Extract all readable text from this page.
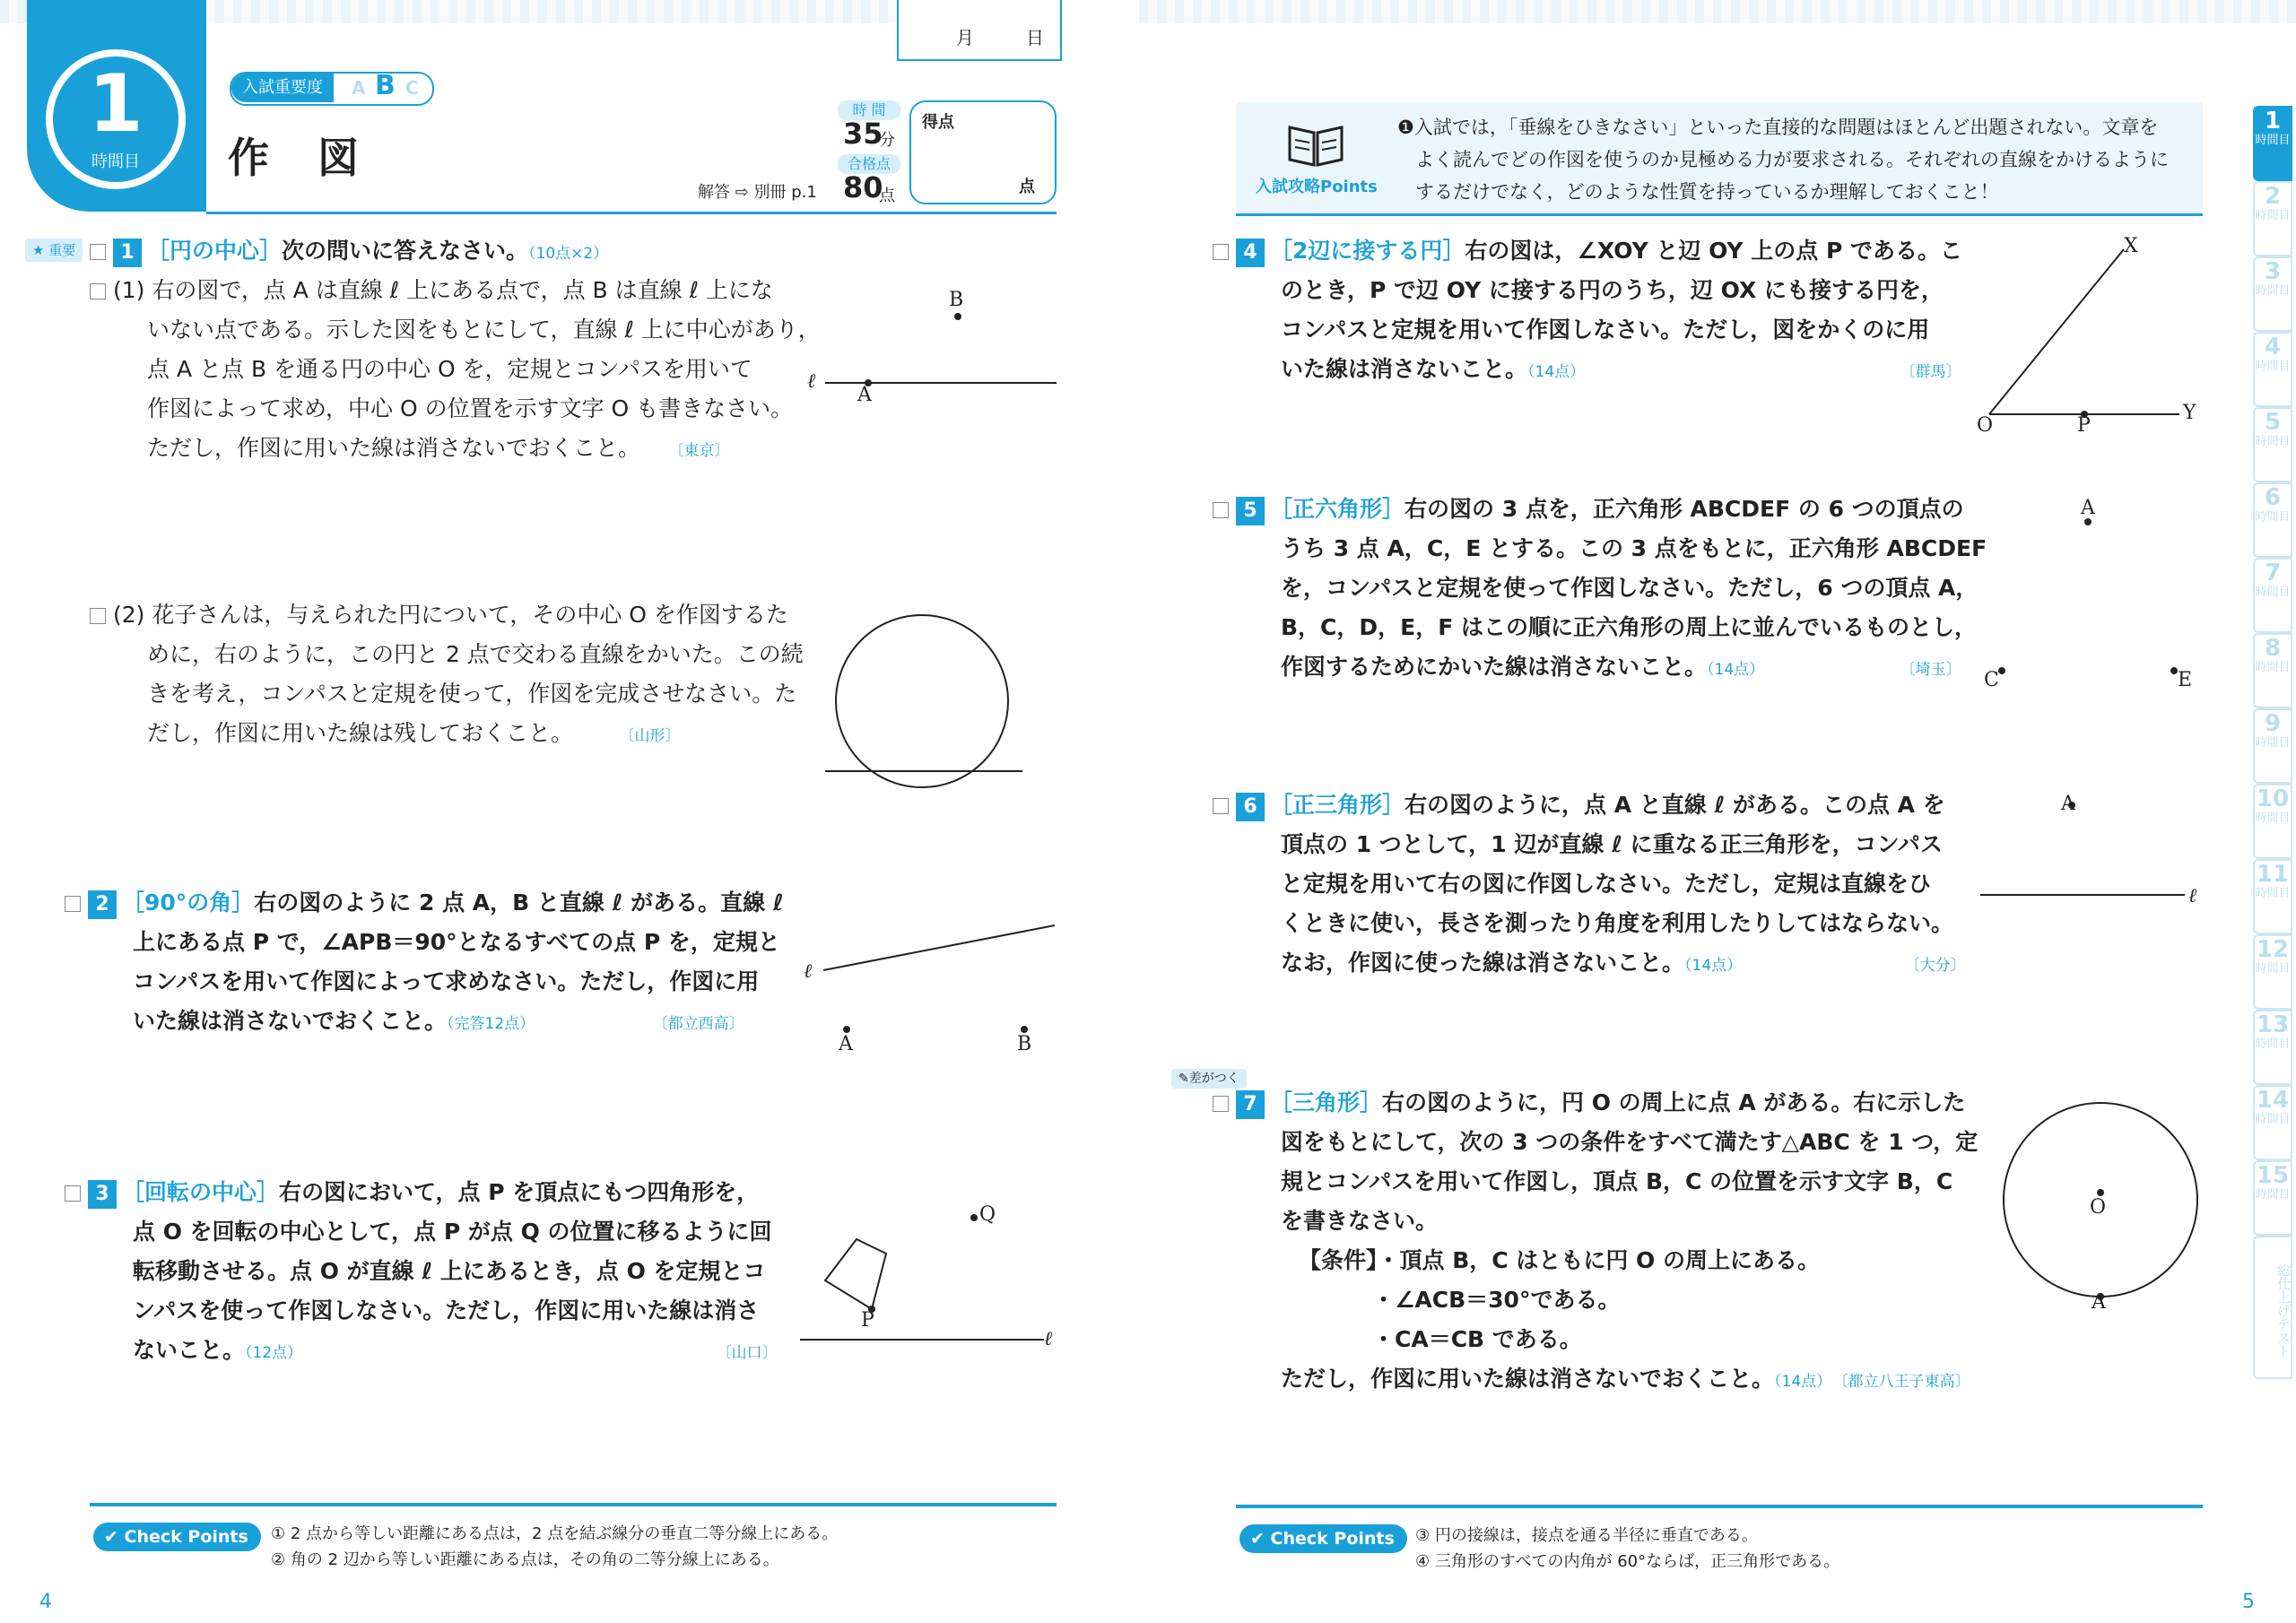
1
時間目
入試重要度	A B C
作　図
解答 ⇨ 別冊 p.1
時 間
35
分
合格点
80
点
得点
点
月	日
★ 重要	1 ［円の中心］次の問いに答えなさい。（10点×2）
(1) 右の図で，点 A は直線 ℓ 上にある点で，点 B は直線 ℓ 上にな
いない点である。示した図をもとにして，直線 ℓ 上に中心があり，
点 A と点 B を通る円の中心 O を，定規とコンパスを用いて
作図によって求め，中心 O の位置を示す文字 O も書きなさい。
ただし，作図に用いた線は消さないでおくこと。 〔東京〕
B
A
ℓ
(2) 花子さんは，与えられた円について，その中心 O を作図するた
めに，右のように，この円と 2 点で交わる直線をかいた。この続
きを考え，コンパスと定規を使って，作図を完成させなさい。た
だし，作図に用いた線は残しておくこと。	〔山形〕
2 ［90°の角］右の図のように 2 点 A，B と直線 ℓ がある。直線 ℓ
上にある点 P で，∠APB＝90°となるすべての点 P を，定規と
コンパスを用いて作図によって求めなさい。ただし，作図に用
いた線は消さないでおくこと。（完答12点）	〔都立西高〕
ℓ
A	B
3 ［回転の中心］右の図において，点 P を頂点にもつ四角形を，
点 O を回転の中心として，点 P が点 Q の位置に移るように回
転移動させる。点 O が直線 ℓ 上にあるとき，点 O を定規とコ
ンパスを使って作図しなさい。ただし，作図に用いた線は消さ
ないこと。（12点）	〔山口〕
Q
P
ℓ
✔ Check Points	① 2 点から等しい距離にある点は，2 点を結ぶ線分の垂直二等分線上にある。
② 角の 2 辺から等しい距離にある点は，その角の二等分線上にある。
4
入試攻略Points
❶入試では，「垂線をひきなさい」といった直接的な問題はほとんど出題されない。文章を
よく読んでどの作図を使うのか見極める力が要求される。それぞれの直線をかけるように
するだけでなく，どのような性質を持っているか理解しておくこと！
4 ［2辺に接する円］右の図は，∠XOY と辺 OY 上の点 P である。こ
のとき，P で辺 OY に接する円のうち，辺 OX にも接する円を，
コンパスと定規を用いて作図しなさい。ただし，図をかくのに用
いた線は消さないこと。（14点）	〔群馬〕
X
O	P
Y
5 ［正六角形］右の図の 3 点を，正六角形 ABCDEF の 6 つの頂点の
うち 3 点 A，C，E とする。この 3 点をもとに，正六角形 ABCDEF
を，コンパスと定規を使って作図しなさい。ただし，6 つの頂点 A，
B，C，D，E，F はこの順に正六角形の周上に並んでいるものとし，
作図するためにかいた線は消さないこと。（14点）	〔埼玉〕
A
C	E
6 ［正三角形］右の図のように，点 A と直線 ℓ がある。この点 A を
頂点の 1 つとして，1 辺が直線 ℓ に重なる正三角形を，コンパス
と定規を用いて右の図に作図しなさい。ただし，定規は直線をひ
くときに使い，長さを測ったり角度を利用したりしてはならない。
なお，作図に使った線は消さないこと。（14点）	〔大分〕
A
ℓ
✎差がつく
7 ［三角形］右の図のように，円 O の周上に点 A がある。右に示した
図をもとにして，次の 3 つの条件をすべて満たす△ABC を 1 つ，定
規とコンパスを用いて作図し，頂点 B，C の位置を示す文字 B，C
を書きなさい。
【条件】・頂点 B，C はともに円 O の周上にある。
・∠ACB＝30°である。
・CA＝CB である。
ただし，作図に用いた線は消さないでおくこと。（14点） 〔都立八王子東高〕
O
A
✔ Check Points	③ 円の接線は，接点を通る半径に垂直である。
④ 三角形のすべての内角が 60°ならば，正三角形である。
5
1
時間目
2
時間目
3
時間目
4
時間目
5
時間目
6
時間目
7
時間目
8
時間目
9
時間目
10
時間目
11
時間目
12
時間目
13
時間目
14
時間目
15
時間目
総仕上げテスト
